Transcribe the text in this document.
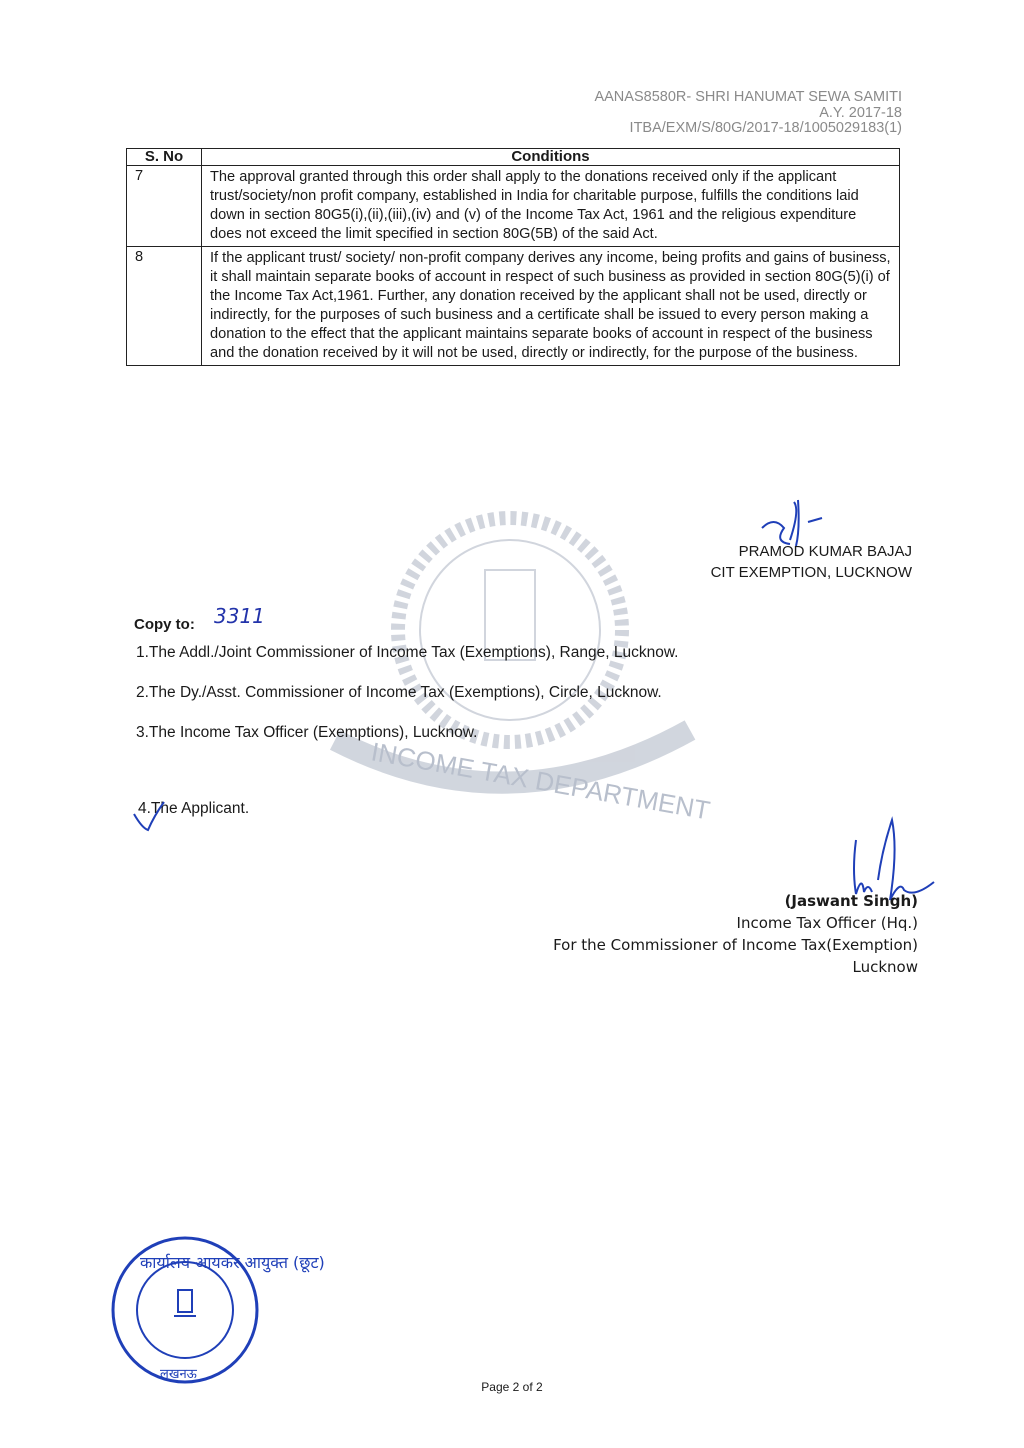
INCOME TAX DEPARTMENT
AANAS8580R- SHRI HANUMAT SEWA SAMITI
A.Y. 2017-18
ITBA/EXM/S/80G/2017-18/1005029183(1)
S. No	Conditions
7	The approval granted through this order shall apply to the donations received only if the applicant trust/society/non profit company, established in India for charitable purpose, fulfills the conditions laid down in section 80G5(i),(ii),(iii),(iv) and (v) of the Income Tax Act, 1961 and the religious expenditure does not exceed the limit specified in section 80G(5B) of the said Act.
8	If the applicant trust/ society/ non-profit company derives any income, being profits and gains of business, it shall maintain separate books of account in respect of such business as provided in section 80G(5)(i) of the Income Tax Act,1961. Further, any donation received by the applicant shall not be used, directly or indirectly, for the purposes of such business and a certificate shall be issued to every person making a donation to the effect that the applicant maintains separate books of account in respect of the business and the donation received by it will not be used, directly or indirectly, for the purpose of the business.
PRAMOD KUMAR BAJAJ
CIT EXEMPTION, LUCKNOW
Copy to: 3311
1.The Addl./Joint Commissioner of Income Tax (Exemptions), Range, Lucknow.
2.The Dy./Asst. Commissioner of Income Tax (Exemptions), Circle, Lucknow.
3.The Income Tax Officer (Exemptions), Lucknow.
4.The Applicant.
(Jaswant Singh)
Income Tax Officer (Hq.)
For the Commissioner of Income Tax(Exemption)
Lucknow
कार्यालय आयकर आयुक्त (छूट)
लखनऊ
Page 2 of 2
